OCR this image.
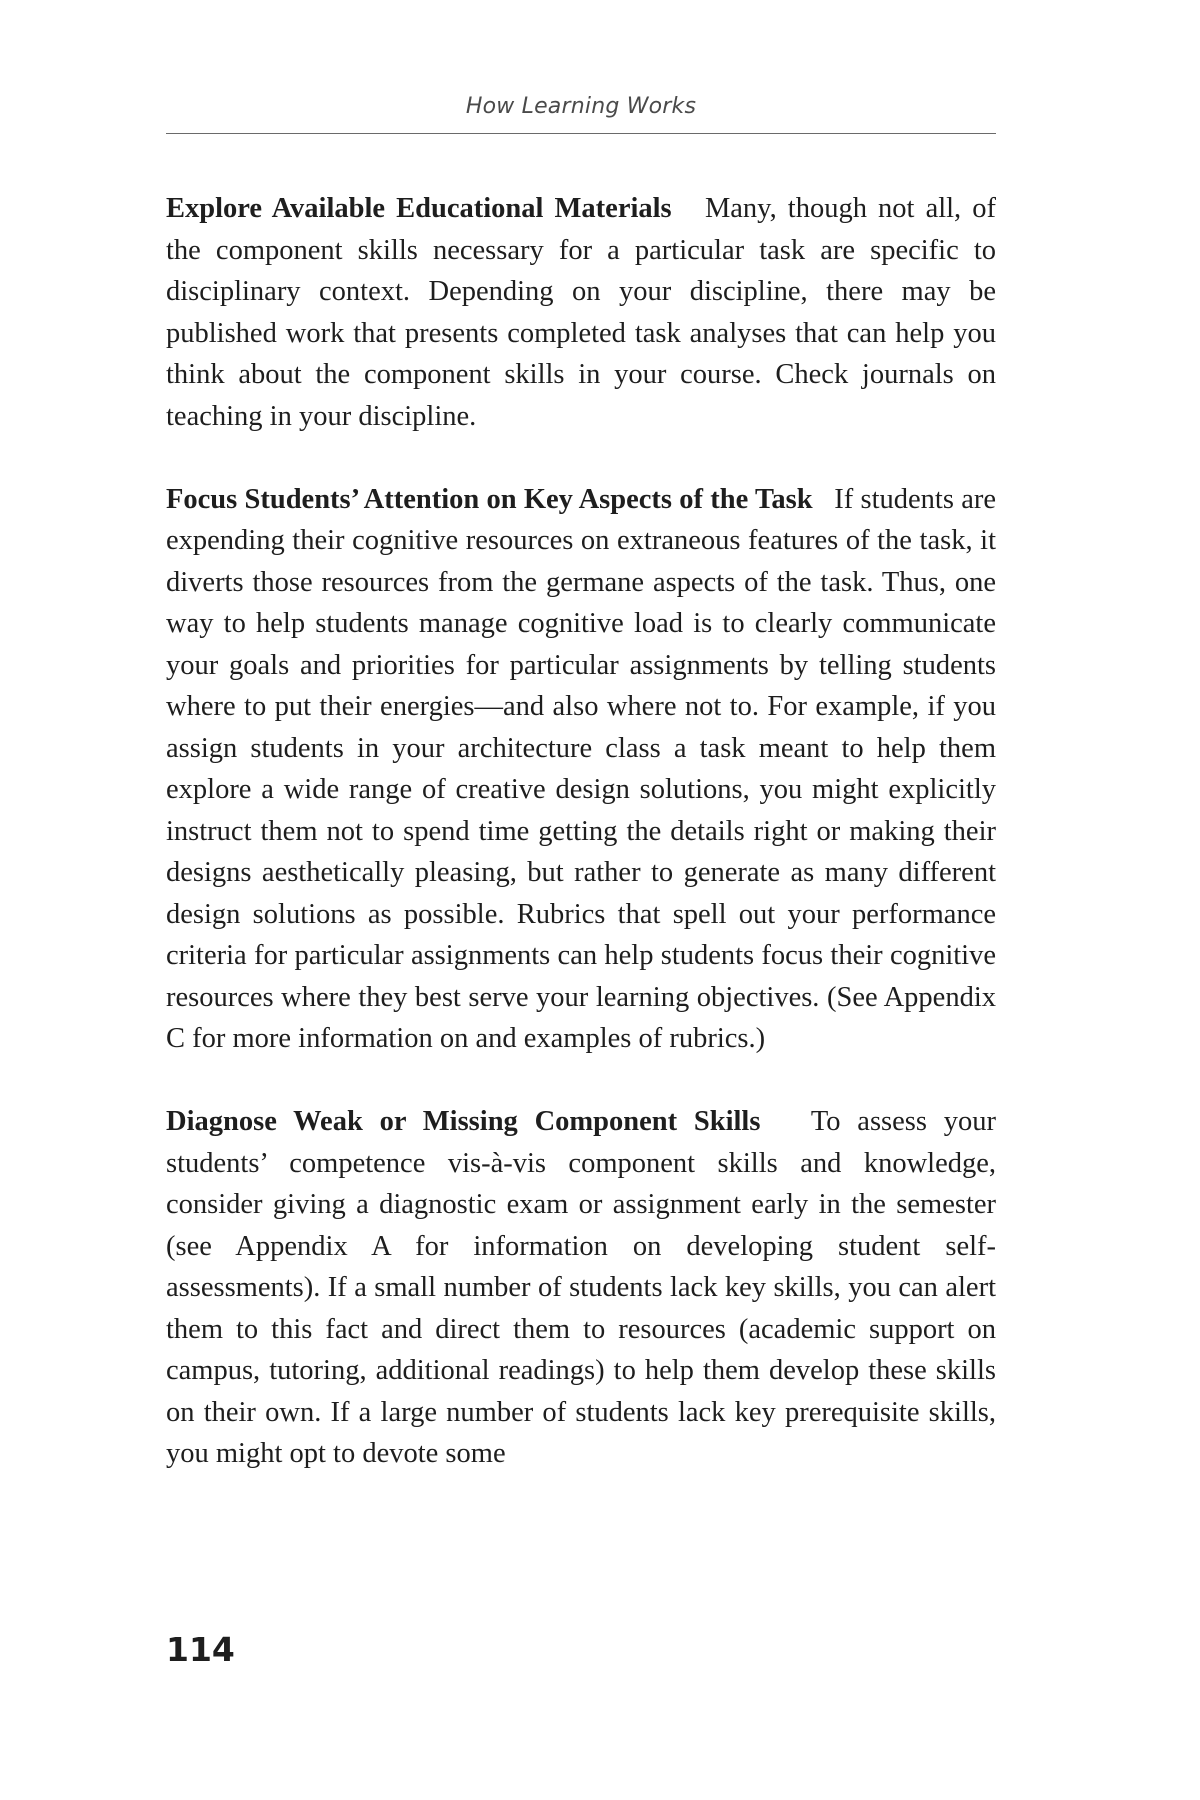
How Learning Works

Explore Available Educational Materials Many, though not all, of the component skills necessary for a particular task are specific to disciplinary context. Depending on your discipline, there may be published work that presents completed task analyses that can help you think about the component skills in your course. Check journals on teaching in your discipline.

Focus Students’ Attention on Key Aspects of the Task If students are expending their cognitive resources on extraneous features of the task, it diverts those resources from the germane aspects of the task. Thus, one way to help students manage cognitive load is to clearly communicate your goals and priorities for particular assignments by telling students where to put their energies—and also where not to. For example, if you assign students in your architecture class a task meant to help them explore a wide range of creative design solutions, you might explicitly instruct them not to spend time getting the details right or making their designs aesthetically pleasing, but rather to generate as many different design solutions as possible. Rubrics that spell out your performance criteria for particular assignments can help students focus their cognitive resources where they best serve your learning objectives. (See Appendix C for more information on and examples of rubrics.)

Diagnose Weak or Missing Component Skills To assess your students’ competence vis-à-vis component skills and knowledge, consider giving a diagnostic exam or assignment early in the semester (see Appendix A for information on developing student self-assessments). If a small number of students lack key skills, you can alert them to this fact and direct them to resources (academic support on campus, tutoring, additional readings) to help them develop these skills on their own. If a large number of students lack key prerequisite skills, you might opt to devote some

114
